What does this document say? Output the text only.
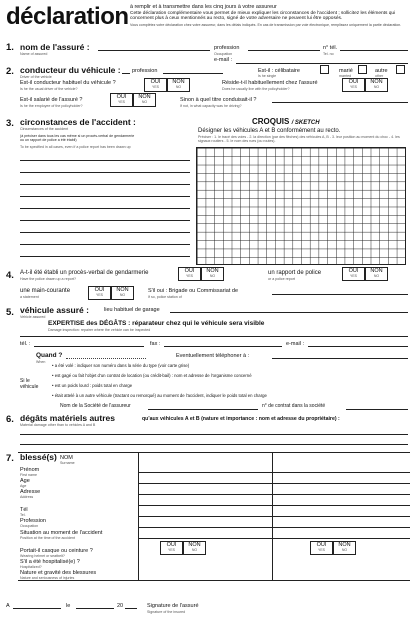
déclaration à remplir et à transmettre dans les cinq jours à votre assureur
Cette déclaration complémentaire vous permet de mieux expliquer les circonstances de l'accident ; sollicitez les éléments qui concernent plus à ceux mentionnés au recto, signé de votre adversaire ne peuvent lui être opposés.
Vous complétez votre déclaration chez votre assureur, dans les délais indiqués. En cas de transmission par voie électronique, remplissez uniquement la partie déclaration.
1. nom de l'assuré :
Name of assured
profession
Occupation
n° tél.
Tel. no
e-mail :
2. conducteur du véhicule :
Driver of the vehicle
profession	Est-il : célibataire
Is he single
marié
married
autre
other
Est-il conducteur habituel du véhicule ?
Is he the usual driver of the vehicle?
OUI
YES
NON
NO
Réside-t-il habituellement chez l'assuré
Does he usually live with the policyholder?
OUI
YES
NON
NO
Est-il salarié de l'assuré ?
Is he the employee of the policyholder?
OUI
YES
NON
NO	Sinon à quel titre conduisait-il ?
If not, in what capacity was he driving?
3. circonstances de l'accident :
Circumstances of the accident
(à préciser dans tous les cas même si un procès-verbal de gendarmerie ou un rapport de police a été établi)
To be specified in all cases, even if a police report has been drawn up
CROQUIS / SKETCH
Désigner les véhicules A et B conformément au recto.
Préciser : 1. le tracé des voies - 2. la direction (par des flèches) des véhicules A, B - 3. leur position au moment du choc - 4. les signaux routiers - 5. le nom des rues (ou routes).
4. A-t-il été établi un procès-verbal de gendarmerie
Have the police drawn up a report?
OUI
YES
NON
NO	un rapport de police
or a police report
OUI
YES
NON
NO
une main-courante
a statement
OUI
YES
NON
NO
S'il oui : Brigade ou Commissariat de
If so, police station of
5. véhicule assuré :	lieu habituel de garage
Vehicle assured
EXPERTISE des DÉGÂTS : réparateur chez qui le véhicule sera visible
Damage inspection: repairer where the vehicle can be inspected
tél. :	fax :	e-mail :
Quand ?
When
Eventuellement téléphoner à :
Si le véhicule
• a été volé : indiquer son numéro dans la série du type (voir carte grise)
• est gagé ou fait l'objet d'un contrat de location (ou crédit-bail) : nom et adresse de l'organisme concerné
• est un poids lourd : poids total en charge
• était attelé à un autre véhicule (tractant ou remorqué) au moment de l'accident, indiquer le poids total en charge
Nom de la Société de l'assureur	n° de contrat dans la société
6. dégâts matériels autres	qu'aux véhicules A et B (nature et importance : nom et adresse du propriétaire) :
Material damage other than to vehicles A and B
7. blessé(s) NOM
Surname
Prénom
First name
Age
Age
Adresse
Address
Tél
Tel.
Profession
Occupation
Situation au moment de l'accident
Position at the time of the accident
Portait-il casque ou ceinture ?
Wearing helmet or seatbelt?
S'il a été hospitalisé(e) ?
Hospitalized?
Nature et gravité des blessures
Nature and seriousness of injuries
OUI
YES
NON
NO
OUI
YES
NON
NO
A	le	20	Signature de l'assuré
Signature of the insured
